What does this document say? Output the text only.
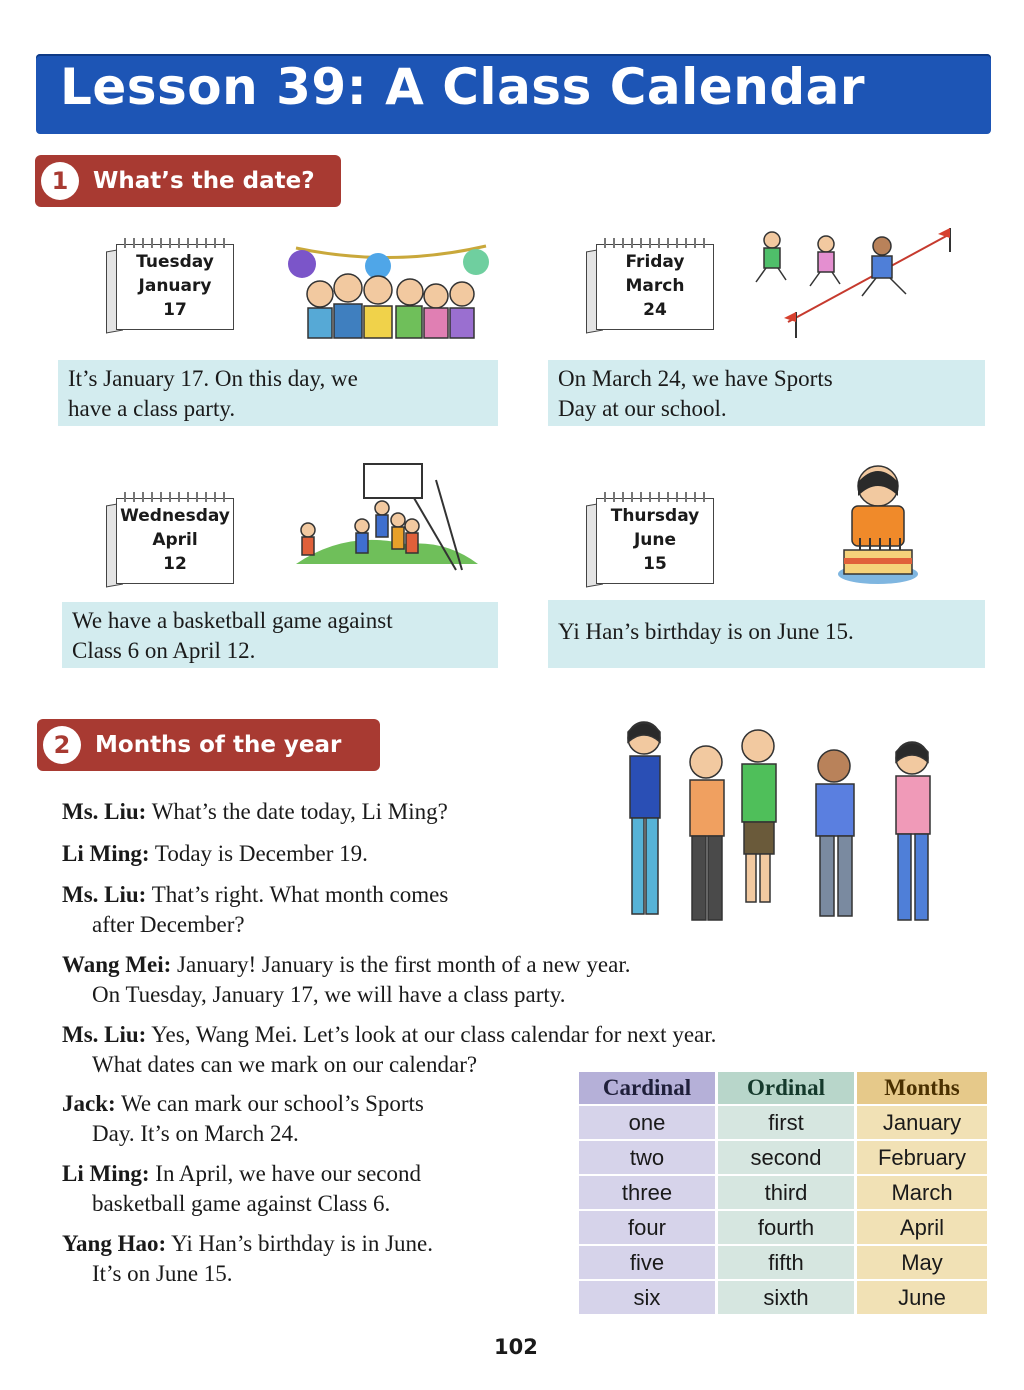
Lesson 39: A Class Calendar
1	What’s the date?
Tuesday
January
17
It’s January 17. On this day, we
have a class party.
Friday
March
24
On March 24, we have Sports
Day at our school.
Wednesday
April
12
We have a basketball game against
Class 6 on April 12.
Thursday
June
15
Yi Han’s birthday is on June 15.
2	Months of the year
Ms. Liu: What’s the date today, Li Ming?
Li Ming: Today is December 19.
Ms. Liu: That’s right. What month comes
after December?
Wang Mei: January! January is the first month of a new year.
On Tuesday, January 17, we will have a class party.
Ms. Liu: Yes, Wang Mei. Let’s look at our class calendar for next year.
What dates can we mark on our calendar?
Jack: We can mark our school’s Sports
Day. It’s on March 24.
Li Ming: In April, we have our second
basketball game against Class 6.
Yang Hao: Yi Han’s birthday is in June.
It’s on June 15.
Cardinal	Ordinal	Months
one	first	January
two	second	February
three	third	March
four	fourth	April
five	fifth	May
six	sixth	June
102
